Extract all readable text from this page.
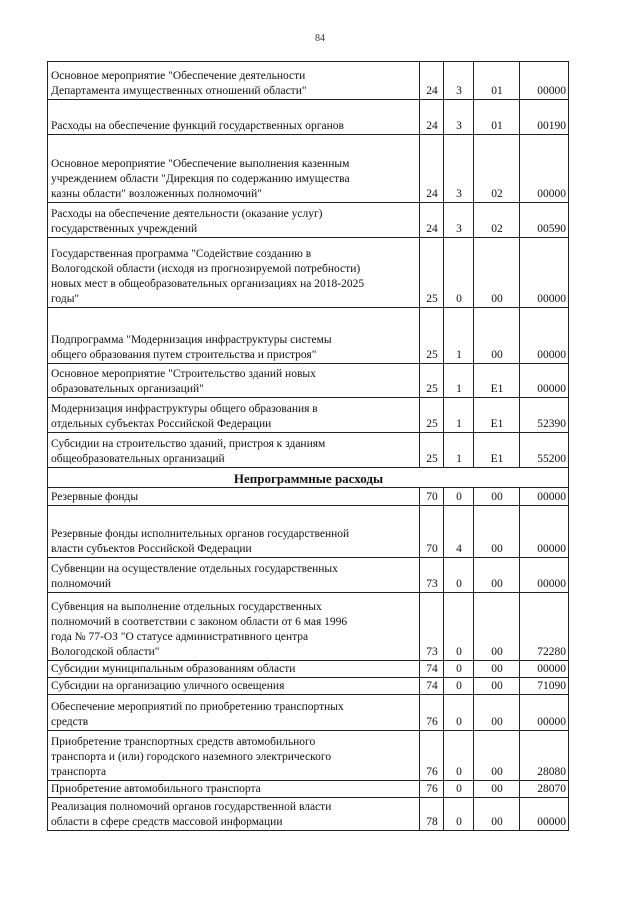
84
Основное мероприятие "Обеспечение деятельности
Департамента имущественных отношений области"	24	3	01	00000
Расходы на обеспечение функций государственных органов	24	3	01	00190
Основное мероприятие "Обеспечение выполнения казенным
учреждением области "Дирекция по содержанию имущества
казны области" возложенных полномочий"	24	3	02	00000
Расходы на обеспечение деятельности (оказание услуг)
государственных учреждений	24	3	02	00590
Государственная программа "Содействие созданию в
Вологодской области (исходя из прогнозируемой потребности)
новых мест в общеобразовательных организациях на 2018-2025
годы"	25	0	00	00000
Подпрограмма "Модернизация инфраструктуры системы
общего образования путем строительства и пристроя"	25	1	00	00000
Основное мероприятие "Строительство зданий новых
образовательных организаций"	25	1	E1	00000
Модернизация инфраструктуры общего образования в
отдельных субъектах Российской Федерации	25	1	E1	52390
Субсидии на строительство зданий, пристроя к зданиям
общеобразовательных организаций	25	1	E1	55200
Непрограммные расходы				
Резервные фонды	70	0	00	00000
Резервные фонды исполнительных органов государственной
власти субъектов Российской Федерации	70	4	00	00000
Субвенции на осуществление отдельных государственных
полномочий	73	0	00	00000
Субвенция на выполнение отдельных государственных
полномочий в соответствии с законом области от 6 мая 1996
года № 77-ОЗ "О статусе административного центра
Вологодской области"	73	0	00	72280
Субсидии муниципальным образованиям области	74	0	00	00000
Субсидии на организацию уличного освещения	74	0	00	71090
Обеспечение мероприятий по приобретению транспортных
средств	76	0	00	00000
Приобретение транспортных средств автомобильного
транспорта и (или) городского наземного электрического
транспорта	76	0	00	28080
Приобретение автомобильного транспорта	76	0	00	28070
Реализация полномочий органов государственной власти
области в сфере средств массовой информации	78	0	00	00000
